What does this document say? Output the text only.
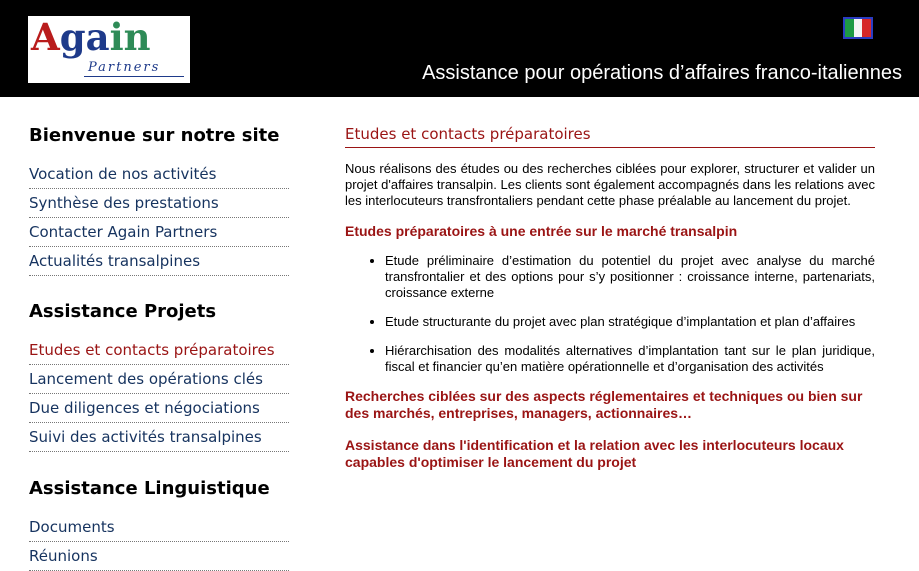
Again
Partners	Assistance pour opérations d’affaires franco-italiennes
Bienvenue sur notre site
Vocation de nos activités
Synthèse des prestations
Contacter Again Partners
Actualités transalpines
Assistance Projets
Etudes et contacts préparatoires
Lancement des opérations clés
Due diligences et négociations
Suivi des activités transalpines
Assistance Linguistique
Documents
Réunions
Etudes et contacts préparatoires

Nous réalisons des études ou des recherches ciblées pour explorer, structurer et valider un projet d'affaires transalpin. Les clients sont également accompagnés dans les relations avec les interlocuteurs transfrontaliers pendant cette phase préalable au lancement du projet.

Etudes préparatoires à une entrée sur le marché transalpin
• Etude préliminaire d’estimation du potentiel du projet avec analyse du marché transfrontalier et des options pour s’y positionner : croissance interne, partenariats, croissance externe
• Etude structurante du projet avec plan stratégique d’implantation et plan d’affaires
• Hiérarchisation des modalités alternatives d’implantation tant sur le plan juridique, fiscal et financier qu’en matière opérationnelle et d’organisation des activités
Recherches ciblées sur des aspects réglementaires et techniques ou bien sur des marchés, entreprises, managers, actionnaires…
Assistance dans l'identification et la relation avec les interlocuteurs locaux capables d'optimiser le lancement du projet
